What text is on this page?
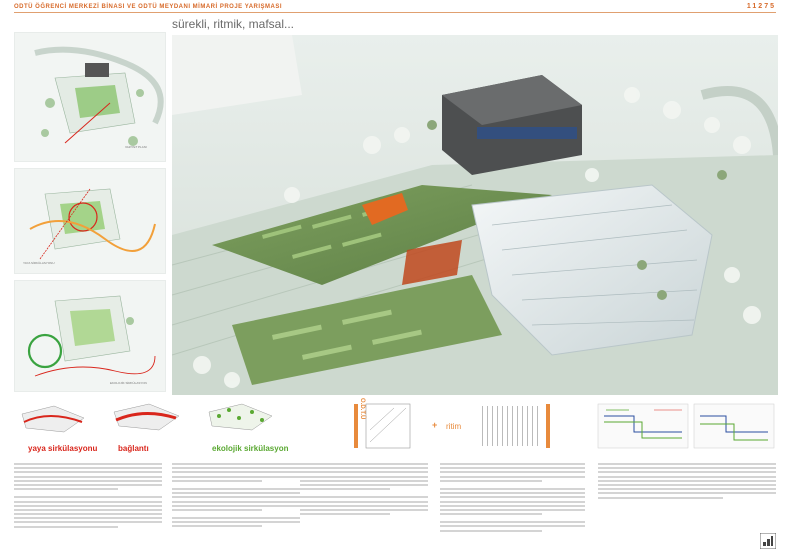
ODTÜ ÖĞRENCİ MERKEZİ BİNASI VE ODTÜ MEYDANI MİMARİ PROJE YARIŞMASI	11275
sürekli, ritmik, mafsal...
VAZİYET PLANI
YAYA SİRKÜLASYONU
EKOLOJİK SİRKÜLASYON
yaya sirkülasyonu	bağlantı	ekolojik sirkülasyon
O.D.T.Ü
+ ritim
